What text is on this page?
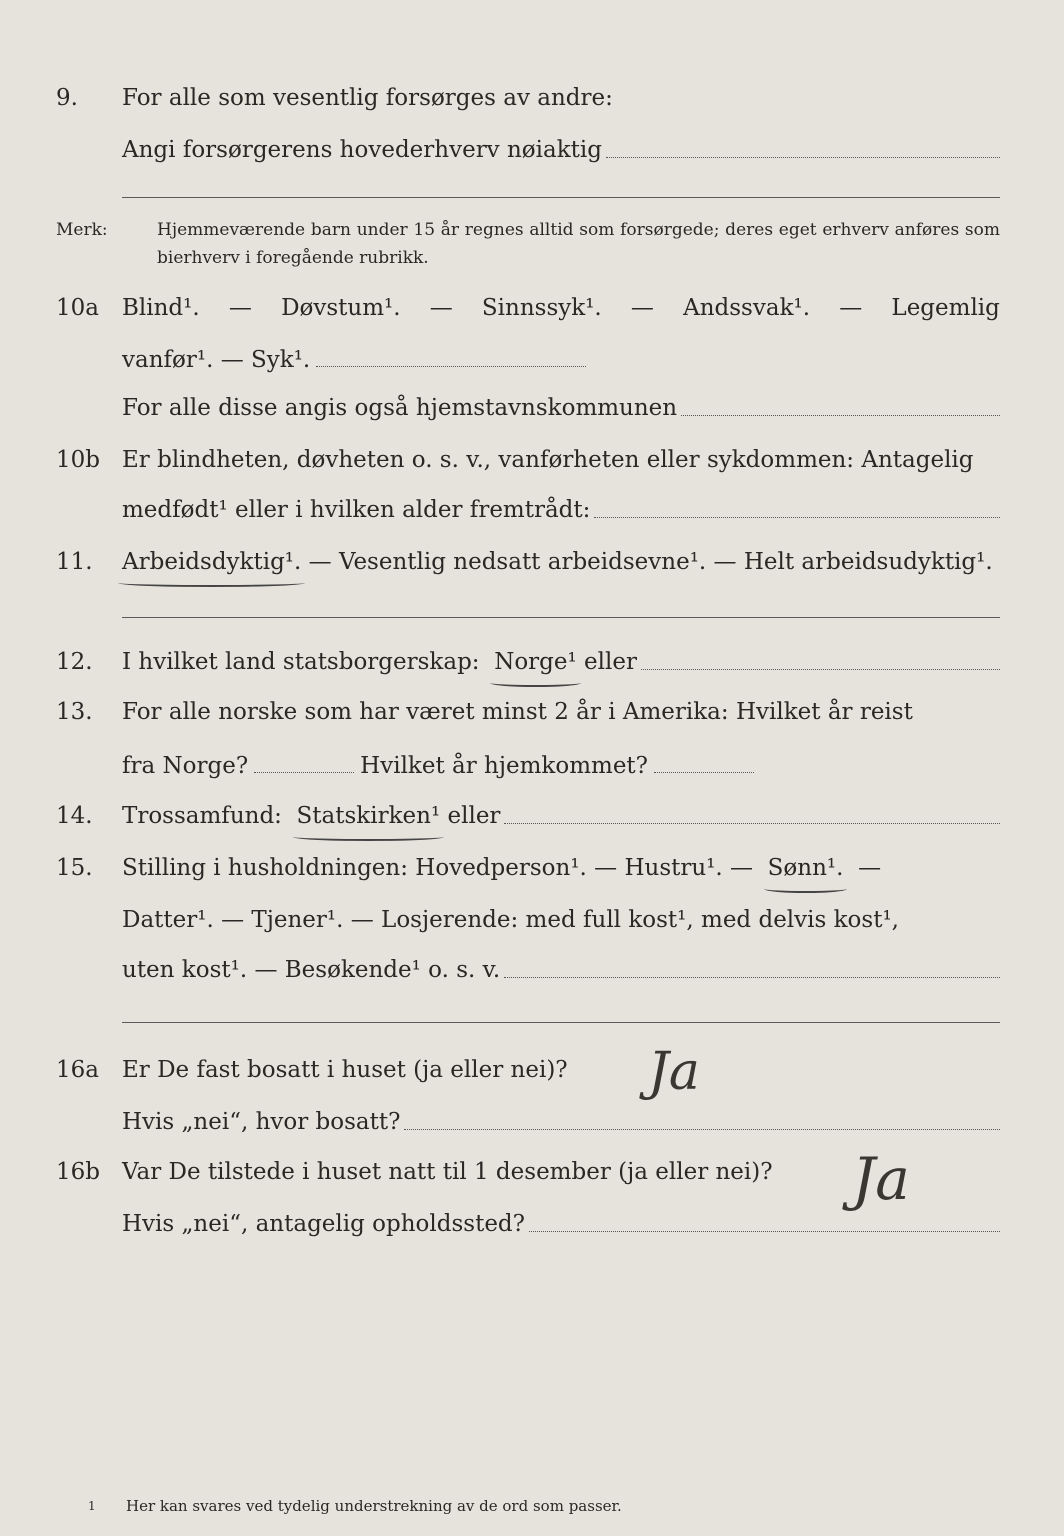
9. For alle som vesentlig forsørges av andre:
Angi forsørgerens hovederhverv nøiaktig
Merk:	Hjemmeværende barn under 15 år regnes alltid som forsørgede; deres eget erhverv anføres som bierhverv i foregående rubrikk.
10a Blind¹. — Døvstum¹. — Sinnssyk¹. — Andssvak¹. — Legemlig
vanfør¹. — Syk¹.
For alle disse angis også hjemstavnskommunen
10b Er blindheten, døvheten o. s. v., vanførheten eller sykdommen: Antagelig
medfødt¹ eller i hvilken alder fremtrådt:
11. Arbeidsdyktig¹.
— Vesentlig nedsatt arbeidsevne¹. — Helt arbeidsudyktig¹.
12. I hvilket land statsborgerskap:
Norge¹
eller
13. For alle norske som har været minst 2 år i Amerika: Hvilket år reist
fra Norge?	Hvilket år hjemkommet?
14. Trossamfund:
Statskirken¹
eller
15. Stilling i husholdningen: Hovedperson¹. — Hustru¹. —
Sønn¹.
—
Datter¹. — Tjener¹. — Losjerende: med full kost¹, med delvis kost¹,
uten kost¹. — Besøkende¹ o. s. v.
16a Er De fast bosatt i huset (ja eller nei)? Ja
Hvis „nei“, hvor bosatt?
16b Var De tilstede i huset natt til 1 desember (ja eller nei)? Ja
Hvis „nei“, antagelig opholdssted?
1 Her kan svares ved tydelig understrekning av de ord som passer.
